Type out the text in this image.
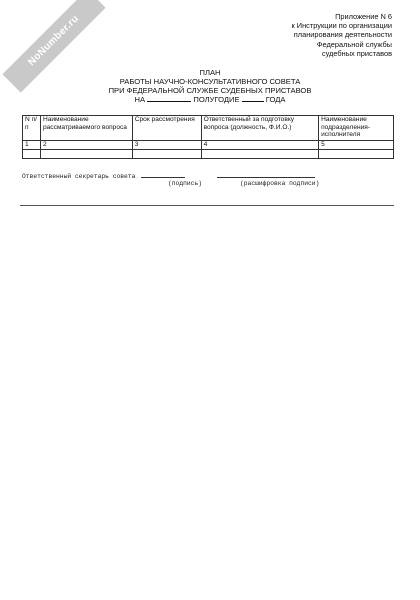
NoNumber.ru	Приложение N 6
к Инструкции по организации
планирования деятельности
Федеральной службы
судебных приставов
ПЛАН
РАБОТЫ НАУЧНО-КОНСУЛЬТАТИВНОГО СОВЕТА
ПРИ ФЕДЕРАЛЬНОЙ СЛУЖБЕ СУДЕБНЫХ ПРИСТАВОВ
НА	ПОЛУГОДИЕ	ГОДА
N п/п	Наименование рассматриваемого вопроса	Срок рассмотрения	Ответственный за подготовку вопроса (должность, Ф.И.О.)	Наименование подразделения-исполнителя
1	2	3	4	5

Ответственный секретарь совета
(подпись)	(расшифровка подписи)
